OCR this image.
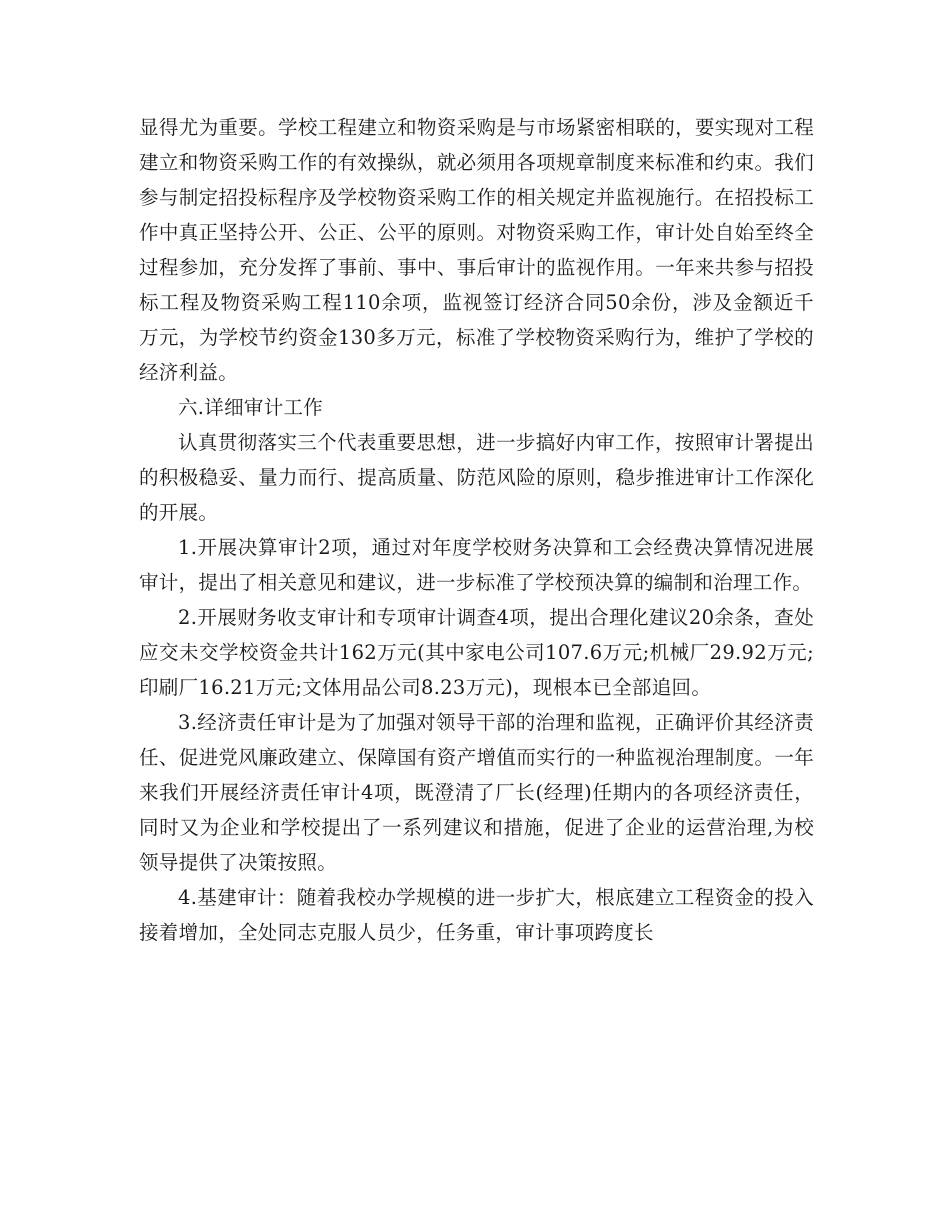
显得尤为重要。学校工程建立和物资采购是与市场紧密相联的，要实现对工程建立和物资采购工作的有效操纵，就必须用各项规章制度来标准和约束。我们参与制定招投标程序及学校物资采购工作的相关规定并监视施行。在招投标工作中真正坚持公开、公正、公平的原则。对物资采购工作，审计处自始至终全过程参加，充分发挥了事前、事中、事后审计的监视作用。一年来共参与招投标工程及物资采购工程110余项，监视签订经济合同50余份，涉及金额近千万元，为学校节约资金130多万元，标准了学校物资采购行为，维护了学校的经济利益。

六.详细审计工作

认真贯彻落实三个代表重要思想，进一步搞好内审工作，按照审计署提出的积极稳妥、量力而行、提高质量、防范风险的原则，稳步推进审计工作深化的开展。

1.开展决算审计2项，通过对年度学校财务决算和工会经费决算情况进展审计，提出了相关意见和建议，进一步标准了学校预决算的编制和治理工作。

2.开展财务收支审计和专项审计调查4项，提出合理化建议20余条，查处应交未交学校资金共计162万元(其中家电公司107.6万元;机械厂29.92万元;印刷厂16.21万元;文体用品公司8.23万元)，现根本已全部追回。

3.经济责任审计是为了加强对领导干部的治理和监视，正确评价其经济责任、促进党风廉政建立、保障国有资产增值而实行的一种监视治理制度。一年来我们开展经济责任审计4项，既澄清了厂长(经理)任期内的各项经济责任，同时又为企业和学校提出了一系列建议和措施，促进了企业的运营治理,为校领导提供了决策按照。

4.基建审计：随着我校办学规模的进一步扩大，根底建立工程资金的投入接着增加，全处同志克服人员少，任务重，审计事项跨度长
